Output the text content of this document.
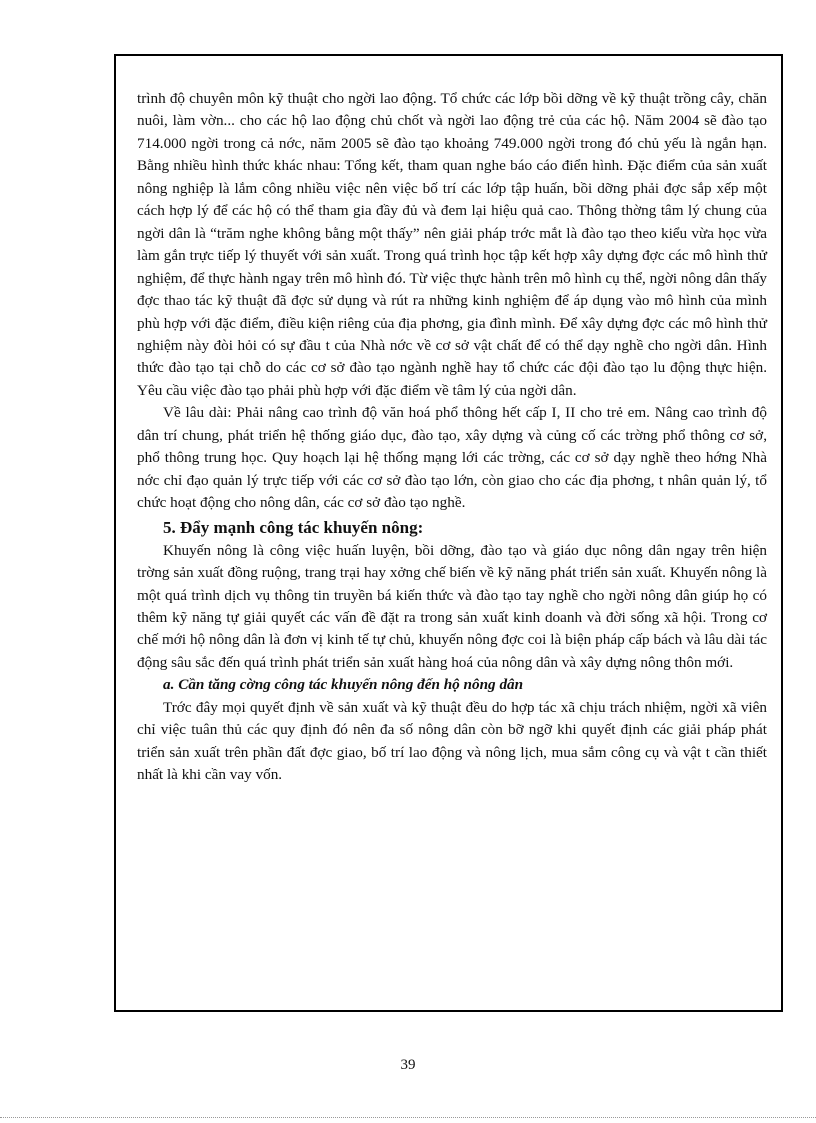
trình độ chuyên môn kỹ thuật cho ngời lao động. Tổ chức các lớp bồi dỡng về kỹ thuật trồng cây, chăn nuôi, làm vờn... cho các hộ lao động chủ chốt và ngời lao động trẻ của các hộ. Năm 2004 sẽ đào tạo 714.000 ngời trong cả nớc, năm 2005 sẽ đào tạo khoảng 749.000 ngời trong đó chủ yếu là ngắn hạn. Bằng nhiều hình thức khác nhau: Tổng kết, tham quan nghe báo cáo điển hình. Đặc điểm của sản xuất nông nghiệp là lắm công nhiều việc nên việc bố trí các lớp tập huấn, bồi dỡng phải đợc sắp xếp một cách hợp lý để các hộ có thể tham gia đầy đủ và đem lại hiệu quả cao. Thông thờng tâm lý chung của ngời dân là “trăm nghe không bằng một thấy” nên giải pháp trớc mắt là đào tạo theo kiểu vừa học vừa làm gắn trực tiếp lý thuyết với sản xuất. Trong quá trình học tập kết hợp xây dựng đợc các mô hình thử nghiệm, để thực hành ngay trên mô hình đó. Từ việc thực hành trên mô hình cụ thể, ngời nông dân thấy đợc thao tác kỹ thuật đã đợc sử dụng và rút ra những kinh nghiệm để áp dụng vào mô hình của mình phù hợp với đặc điểm, điều kiện riêng của địa phơng, gia đình mình. Để xây dựng đợc các mô hình thử nghiệm này đòi hỏi có sự đầu t của Nhà nớc về cơ sở vật chất để có thể dạy nghề cho ngời dân. Hình thức đào tạo tại chỗ do các cơ sở đào tạo ngành nghề hay tổ chức các đội đào tạo lu động thực hiện. Yêu cầu việc đào tạo phải phù hợp với đặc điểm về tâm lý của ngời dân.

Về lâu dài: Phải nâng cao trình độ văn hoá phổ thông hết cấp I, II cho trẻ em. Nâng cao trình độ dân trí chung, phát triển hệ thống giáo dục, đào tạo, xây dựng và củng cố các trờng phổ thông cơ sở, phổ thông trung học. Quy hoạch lại hệ thống mạng lới các trờng, các cơ sở dạy nghề theo hớng Nhà nớc chỉ đạo quản lý trực tiếp với các cơ sở đào tạo lớn, còn giao cho các địa phơng, t nhân quản lý, tổ chức hoạt động cho nông dân, các cơ sở đào tạo nghề.

5. Đẩy mạnh công tác khuyến nông:

Khuyến nông là công việc huấn luyện, bồi dỡng, đào tạo và giáo dục nông dân ngay trên hiện trờng sản xuất đồng ruộng, trang trại hay xởng chế biến về kỹ năng phát triển sản xuất. Khuyến nông là một quá trình dịch vụ thông tin truyền bá kiến thức và đào tạo tay nghề cho ngời nông dân giúp họ có thêm kỹ năng tự giải quyết các vấn đề đặt ra trong sản xuất kinh doanh và đời sống xã hội. Trong cơ chế mới hộ nông dân là đơn vị kinh tế tự chủ, khuyến nông đợc coi là biện pháp cấp bách và lâu dài tác động sâu sắc đến quá trình phát triển sản xuất hàng hoá của nông dân và xây dựng nông thôn mới.

a. Cần tăng cờng công tác khuyến nông đến hộ nông dân

Trớc đây mọi quyết định về sản xuất và kỹ thuật đều do hợp tác xã chịu trách nhiệm, ngời xã viên chỉ việc tuân thủ các quy định đó nên đa số nông dân còn bỡ ngỡ khi quyết định các giải pháp phát triển sản xuất trên phần đất đợc giao, bố trí lao động và nông lịch, mua sắm công cụ và vật t cần thiết nhất là khi cần vay vốn.

39
